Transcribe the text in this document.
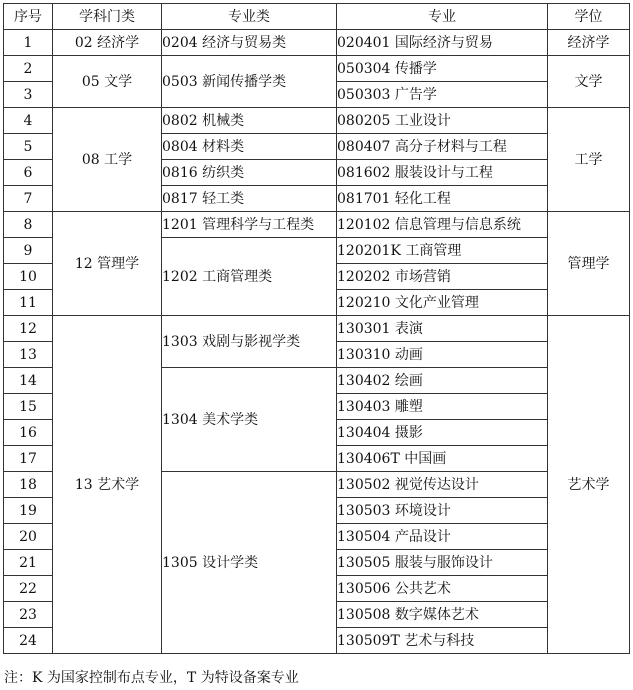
序号	学科门类	专业类	专业	学位
1	02 经济学	0204 经济与贸易类	020401 国际经济与贸易	经济学
2	05 文学	0503 新闻传播学类	050304 传播学	文学
3			050303 广告学	
4	08 工学	0802 机械类	080205 工业设计	工学
5		0804 材料类	080407 高分子材料与工程	
6		0816 纺织类	081602 服装设计与工程	
7		0817 轻工类	081701 轻化工程	
8	12 管理学	1201 管理科学与工程类	120102 信息管理与信息系统	管理学
9		1202 工商管理类	120201K 工商管理	
10			120202 市场营销	
11			120210 文化产业管理	
12	13 艺术学	1303 戏剧与影视学类	130301 表演	艺术学
13			130310 动画	
14		1304 美术学类	130402 绘画	
15			130403 雕塑	
16			130404 摄影	
17			130406T 中国画	
18		1305 设计学类	130502 视觉传达设计	
19			130503 环境设计	
20			130504 产品设计	
21			130505 服装与服饰设计	
22			130506 公共艺术	
23			130508 数字媒体艺术	
24			130509T 艺术与科技	
注：K 为国家控制布点专业，T 为特设备案专业
